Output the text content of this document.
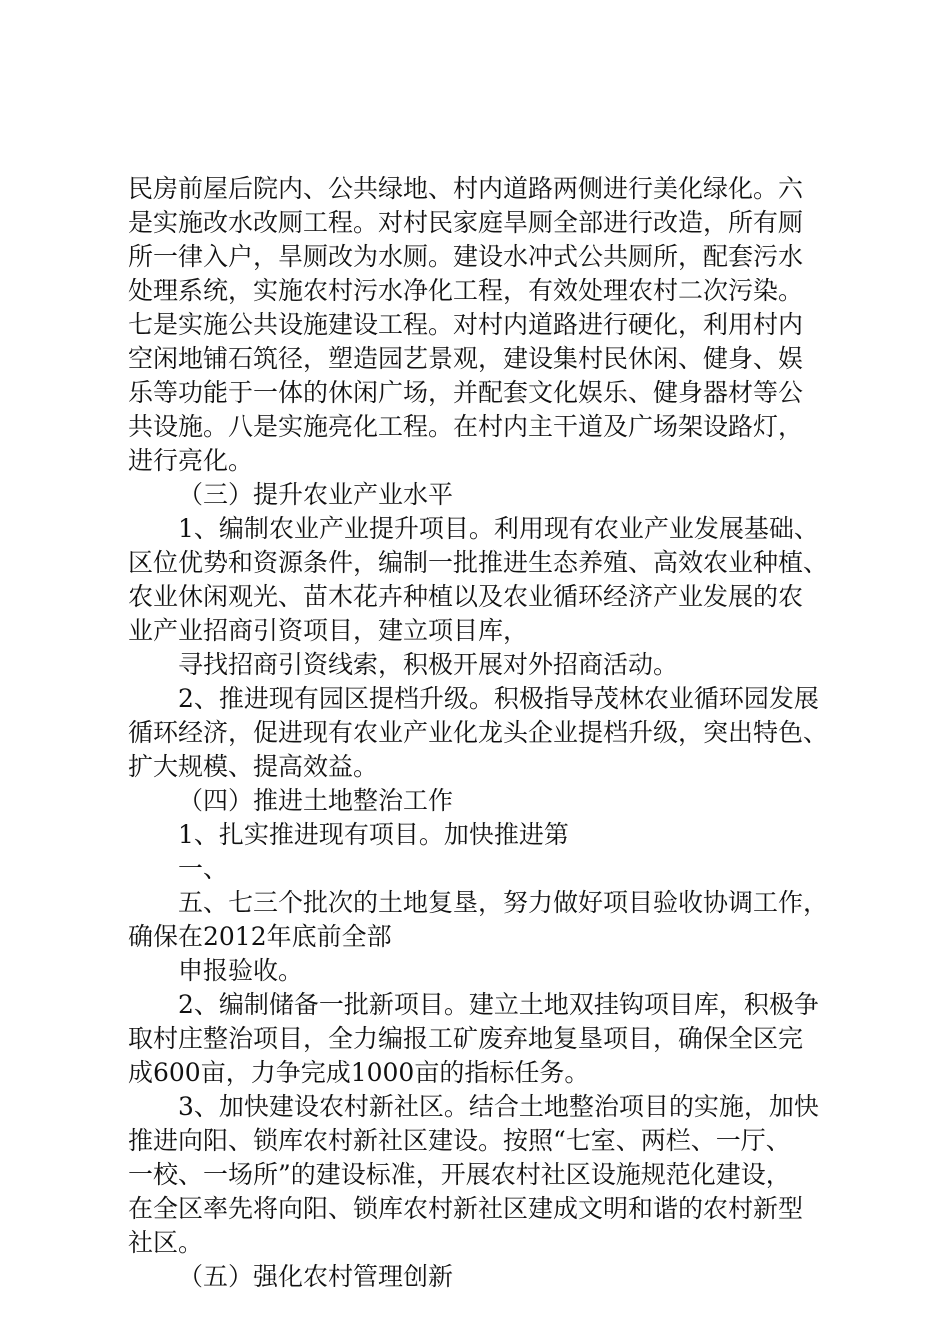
民房前屋后院内、公共绿地、村内道路两侧进行美化绿化。六
是实施改水改厕工程。对村民家庭旱厕全部进行改造，所有厕
所一律入户，旱厕改为水厕。建设水冲式公共厕所，配套污水
处理系统，实施农村污水净化工程，有效处理农村二次污染。
七是实施公共设施建设工程。对村内道路进行硬化，利用村内
空闲地铺石筑径，塑造园艺景观，建设集村民休闲、健身、娱
乐等功能于一体的休闲广场，并配套文化娱乐、健身器材等公
共设施。八是实施亮化工程。在村内主干道及广场架设路灯，
进行亮化。
（三）提升农业产业水平
1、编制农业产业提升项目。利用现有农业产业发展基础、
区位优势和资源条件，编制一批推进生态养殖、高效农业种植、
农业休闲观光、苗木花卉种植以及农业循环经济产业发展的农
业产业招商引资项目，建立项目库，
寻找招商引资线索，积极开展对外招商活动。
2、推进现有园区提档升级。积极指导茂林农业循环园发展
循环经济，促进现有农业产业化龙头企业提档升级，突出特色、
扩大规模、提高效益。
（四）推进土地整治工作
1、扎实推进现有项目。加快推进第
一、
五、七三个批次的土地复垦，努力做好项目验收协调工作，
确保在2012年底前全部
申报验收。
2、编制储备一批新项目。建立土地双挂钩项目库，积极争
取村庄整治项目，全力编报工矿废弃地复垦项目，确保全区完
成600亩，力争完成1000亩的指标任务。
3、加快建设农村新社区。结合土地整治项目的实施，加快
推进向阳、锁库农村新社区建设。按照“七室、两栏、一厅、
一校、一场所”的建设标准，开展农村社区设施规范化建设，
在全区率先将向阳、锁库农村新社区建成文明和谐的农村新型
社区。
（五）强化农村管理创新
